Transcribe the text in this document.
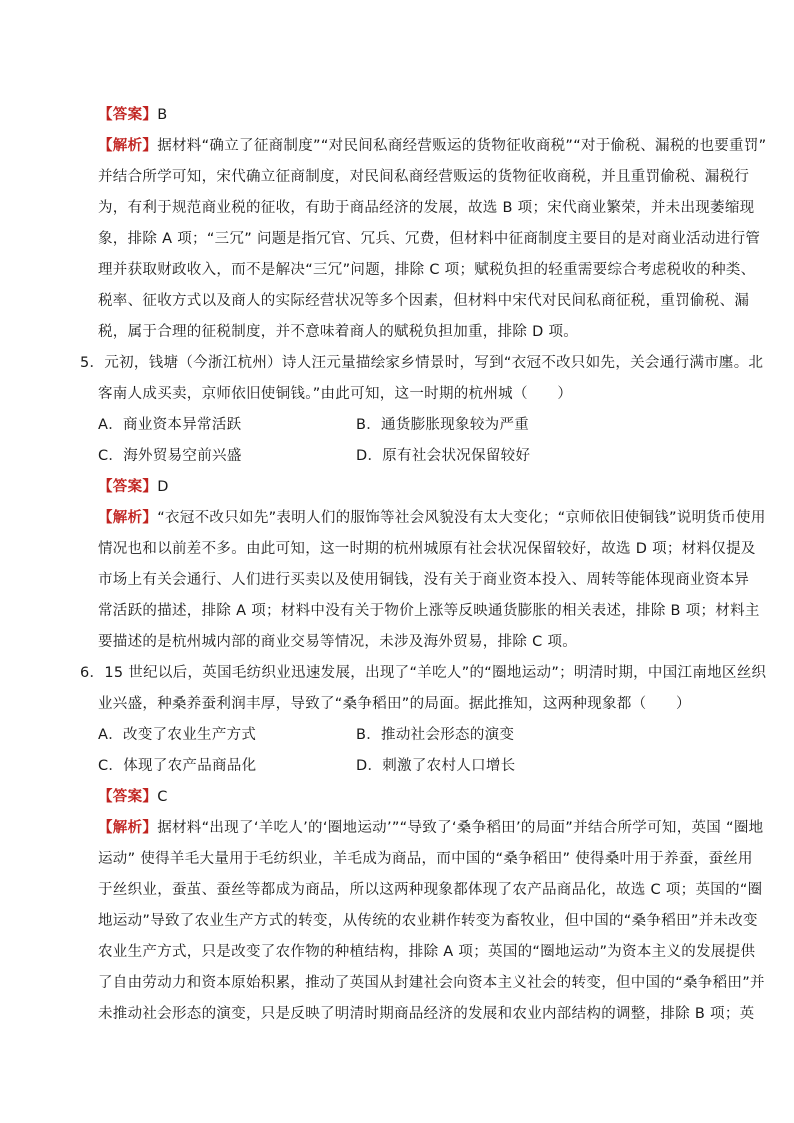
【答案】B
【解析】据材料“确立了征商制度”“对民间私商经营贩运的货物征收商税”“对于偷税、漏税的也要重罚”
并结合所学可知，宋代确立征商制度，对民间私商经营贩运的货物征收商税，并且重罚偷税、漏税行
为，有利于规范商业税的征收，有助于商品经济的发展，故选 B 项；宋代商业繁荣，并未出现萎缩现
象，排除 A 项；“三冗” 问题是指冗官、冗兵、冗费，但材料中征商制度主要目的是对商业活动进行管
理并获取财政收入，而不是解决“三冗”问题，排除 C 项；赋税负担的轻重需要综合考虑税收的种类、
税率、征收方式以及商人的实际经营状况等多个因素，但材料中宋代对民间私商征税，重罚偷税、漏
税，属于合理的征税制度，并不意味着商人的赋税负担加重，排除 D 项。
5．元初，钱塘（今浙江杭州）诗人汪元量描绘家乡情景时，写到“衣冠不改只如先，关会通行满市廛。北
客南人成买卖，京师依旧使铜钱。”由此可知，这一时期的杭州城（　　）
A．商业资本异常活跃	B．通货膨胀现象较为严重
C．海外贸易空前兴盛	D．原有社会状况保留较好
【答案】D
【解析】“衣冠不改只如先”表明人们的服饰等社会风貌没有太大变化；“京师依旧使铜钱”说明货币使用
情况也和以前差不多。由此可知，这一时期的杭州城原有社会状况保留较好，故选 D 项；材料仅提及
市场上有关会通行、人们进行买卖以及使用铜钱，没有关于商业资本投入、周转等能体现商业资本异
常活跃的描述，排除 A 项；材料中没有关于物价上涨等反映通货膨胀的相关表述，排除 B 项；材料主
要描述的是杭州城内部的商业交易等情况，未涉及海外贸易，排除 C 项。
6．15 世纪以后，英国毛纺织业迅速发展，出现了“羊吃人”的“圈地运动”；明清时期，中国江南地区丝织
业兴盛，种桑养蚕利润丰厚，导致了“桑争稻田”的局面。据此推知，这两种现象都（　　）
A．改变了农业生产方式	B．推动社会形态的演变
C．体现了农产品商品化	D．刺激了农村人口增长
【答案】C
【解析】据材料“出现了‘羊吃人’的‘圈地运动’”“导致了‘桑争稻田’的局面”并结合所学可知，英国 “圈地
运动” 使得羊毛大量用于毛纺织业，羊毛成为商品，而中国的“桑争稻田” 使得桑叶用于养蚕，蚕丝用
于丝织业，蚕茧、蚕丝等都成为商品，所以这两种现象都体现了农产品商品化，故选 C 项；英国的“圈
地运动”导致了农业生产方式的转变，从传统的农业耕作转变为畜牧业，但中国的“桑争稻田”并未改变
农业生产方式，只是改变了农作物的种植结构，排除 A 项；英国的“圈地运动”为资本主义的发展提供
了自由劳动力和资本原始积累，推动了英国从封建社会向资本主义社会的转变，但中国的“桑争稻田”并
未推动社会形态的演变，只是反映了明清时期商品经济的发展和农业内部结构的调整，排除 B 项；英
